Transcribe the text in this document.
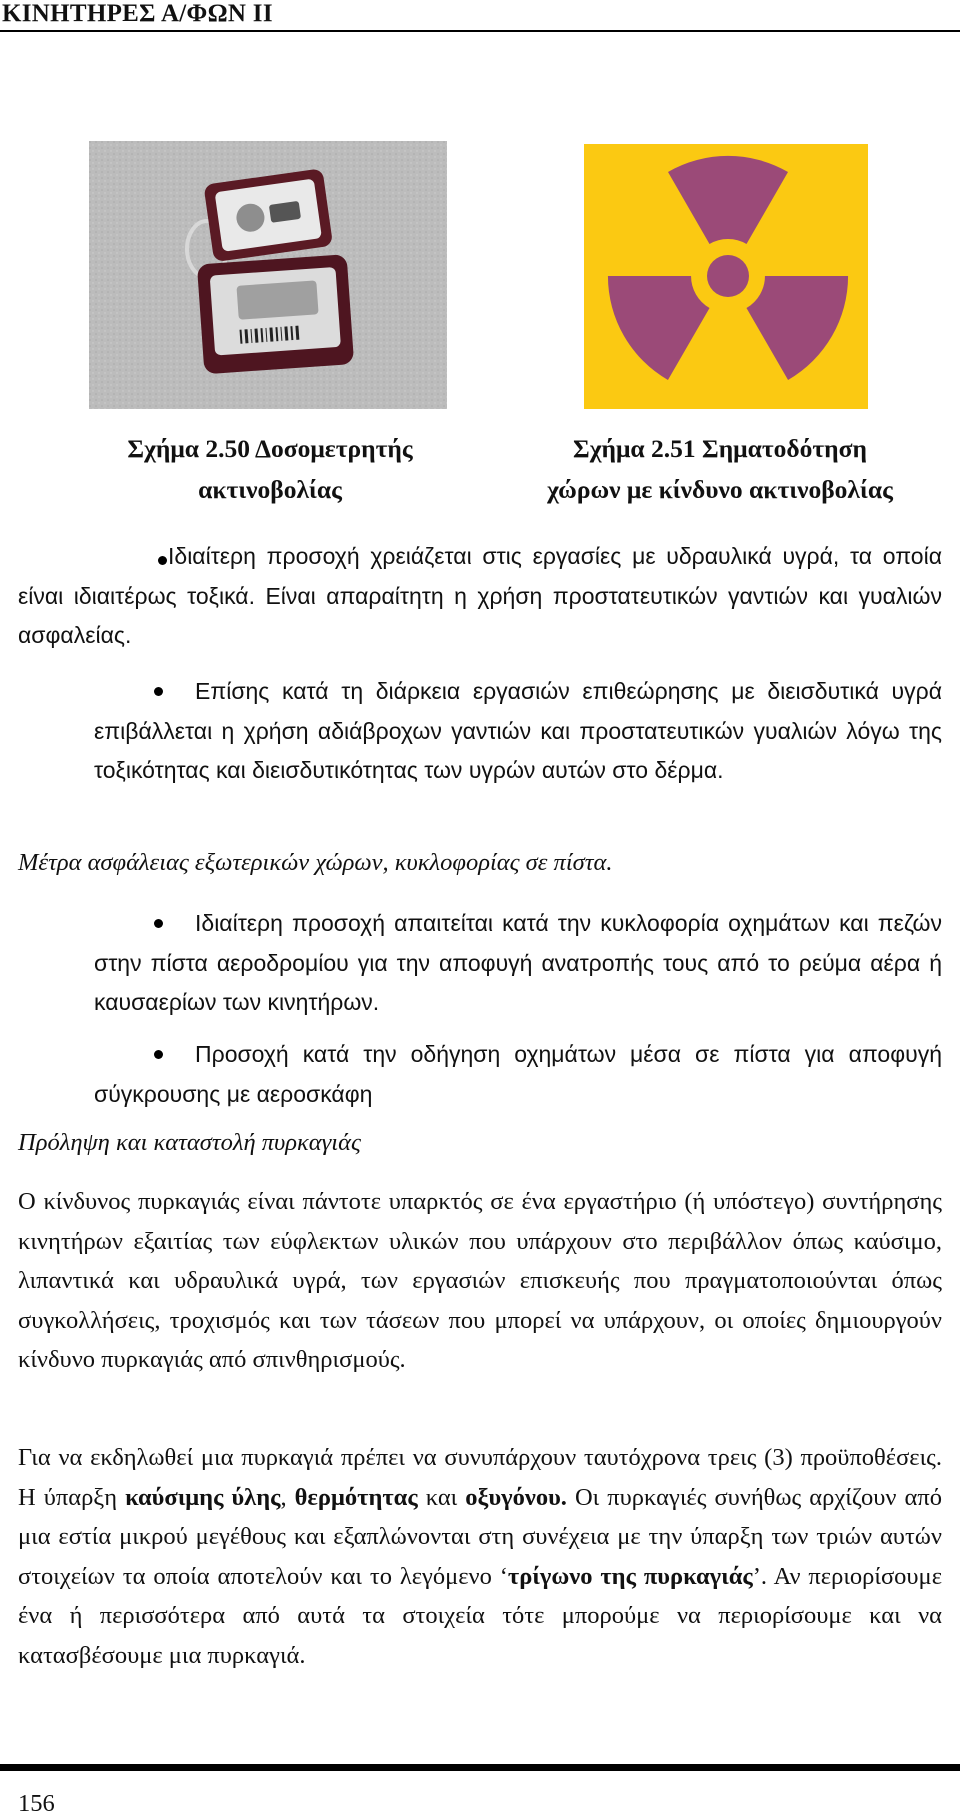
ΚΙΝΗΤΗΡΕΣ Α/ΦΩΝ ΙΙ
Σχήμα 2.50 Δοσομετρητής
ακτινοβολίας
Σχήμα 2.51 Σηματοδότηση
χώρων με κίνδυνο ακτινοβολίας
Ιδιαίτερη προσοχή χρειάζεται στις εργασίες με υδραυλικά υγρά, τα οποία είναι ιδιαιτέρως τοξικά. Είναι απαραίτητη η χρήση προστατευτικών γαντιών και γυαλιών ασφαλείας.
Επίσης κατά τη διάρκεια εργασιών επιθεώρησης με διεισδυτικά υγρά επιβάλλεται η χρήση αδιάβροχων γαντιών και προστατευτικών γυαλιών λόγω της τοξικότητας και διεισδυτικότητας των υγρών αυτών στο δέρμα.
Μέτρα ασφάλειας εξωτερικών χώρων, κυκλοφορίας σε πίστα.
Ιδιαίτερη προσοχή απαιτείται κατά την κυκλοφορία οχημάτων και πεζών στην πίστα αεροδρομίου για την αποφυγή ανατροπής τους από το ρεύμα αέρα ή καυσαερίων των κινητήρων.
Προσοχή κατά την οδήγηση οχημάτων μέσα σε πίστα για αποφυγή σύγκρουσης με αεροσκάφη
Πρόληψη και καταστολή πυρκαγιάς
Ο κίνδυνος πυρκαγιάς είναι πάντοτε υπαρκτός σε ένα εργαστήριο (ή υπόστεγο) συντήρησης κινητήρων εξαιτίας των εύφλεκτων υλικών που υπάρχουν στο περιβάλλον όπως καύσιμο, λιπαντικά και υδραυλικά υγρά, των εργασιών επισκευής που πραγματοποιούνται όπως συγκολλήσεις, τροχισμός και των τάσεων που μπορεί να υπάρχουν, οι οποίες δημιουργούν κίνδυνο πυρκαγιάς από σπινθηρισμούς.
Για να εκδηλωθεί μια πυρκαγιά πρέπει να συνυπάρχουν ταυτόχρονα τρεις (3) προϋποθέσεις. Η ύπαρξη καύσιμης ύλης, θερμότητας και οξυγόνου. Οι πυρκαγιές συνήθως αρχίζουν από μια εστία μικρού μεγέθους και εξαπλώνονται στη συνέχεια με την ύπαρξη των τριών αυτών στοιχείων τα οποία αποτελούν και το λεγόμενο ‘τρίγωνο της πυρκαγιάς’. Αν περιορίσουμε ένα ή περισσότερα από αυτά τα στοιχεία τότε μπορούμε να περιορίσουμε και να κατασβέσουμε μια πυρκαγιά.
156
